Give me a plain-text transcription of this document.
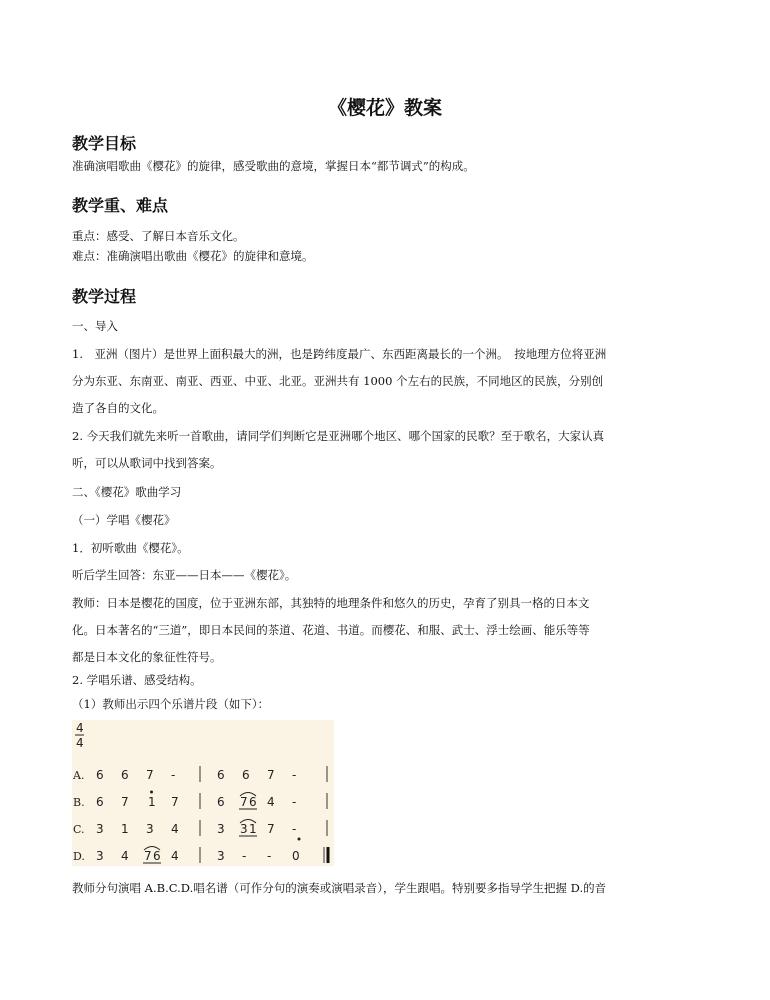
《樱花》教案
教学目标
准确演唱歌曲《樱花》的旋律，感受歌曲的意境，掌握日本“都节调式”的构成。
教学重、难点
重点：感受、了解日本音乐文化。
难点：准确演唱出歌曲《樱花》的旋律和意境。
教学过程
一、导入
1.　亚洲（图片）是世界上面积最大的洲，也是跨纬度最广、东西距离最长的一个洲。　按地理方位将亚洲
分为东亚、东南亚、南亚、西亚、中亚、北亚。亚洲共有 1000 个左右的民族，不同地区的民族，分别创
造了各自的文化。
2. 今天我们就先来听一首歌曲，请同学们判断它是亚洲哪个地区、哪个国家的民歌？至于歌名，大家认真
听，可以从歌词中找到答案。
二、《樱花》歌曲学习
（一）学唱《樱花》
1．初听歌曲《樱花》。
听后学生回答：东亚——日本——《樱花》。
教师：日本是樱花的国度，位于亚洲东部，其独特的地理条件和悠久的历史，孕育了别具一格的日本文
化。日本著名的“三道”，即日本民间的茶道、花道、书道。而樱花、和服、武士、浮士绘画、能乐等等
都是日本文化的象征性符号。
2. 学唱乐谱、感受结构。
（1）教师出示四个乐谱片段（如下）：
4
4
A. 6 6 7 -	6 6 7 -
B. 6 7 1 7	6 7 6 4 -
C. 3 1 3 4	3 3 1 7 -
D. 3 4 7 6 4	3 - - 0
教师分句演唱 A.B.C.D.唱名谱（可作分句的演奏或演唱录音），学生跟唱。特别要多指导学生把握 D.的音
